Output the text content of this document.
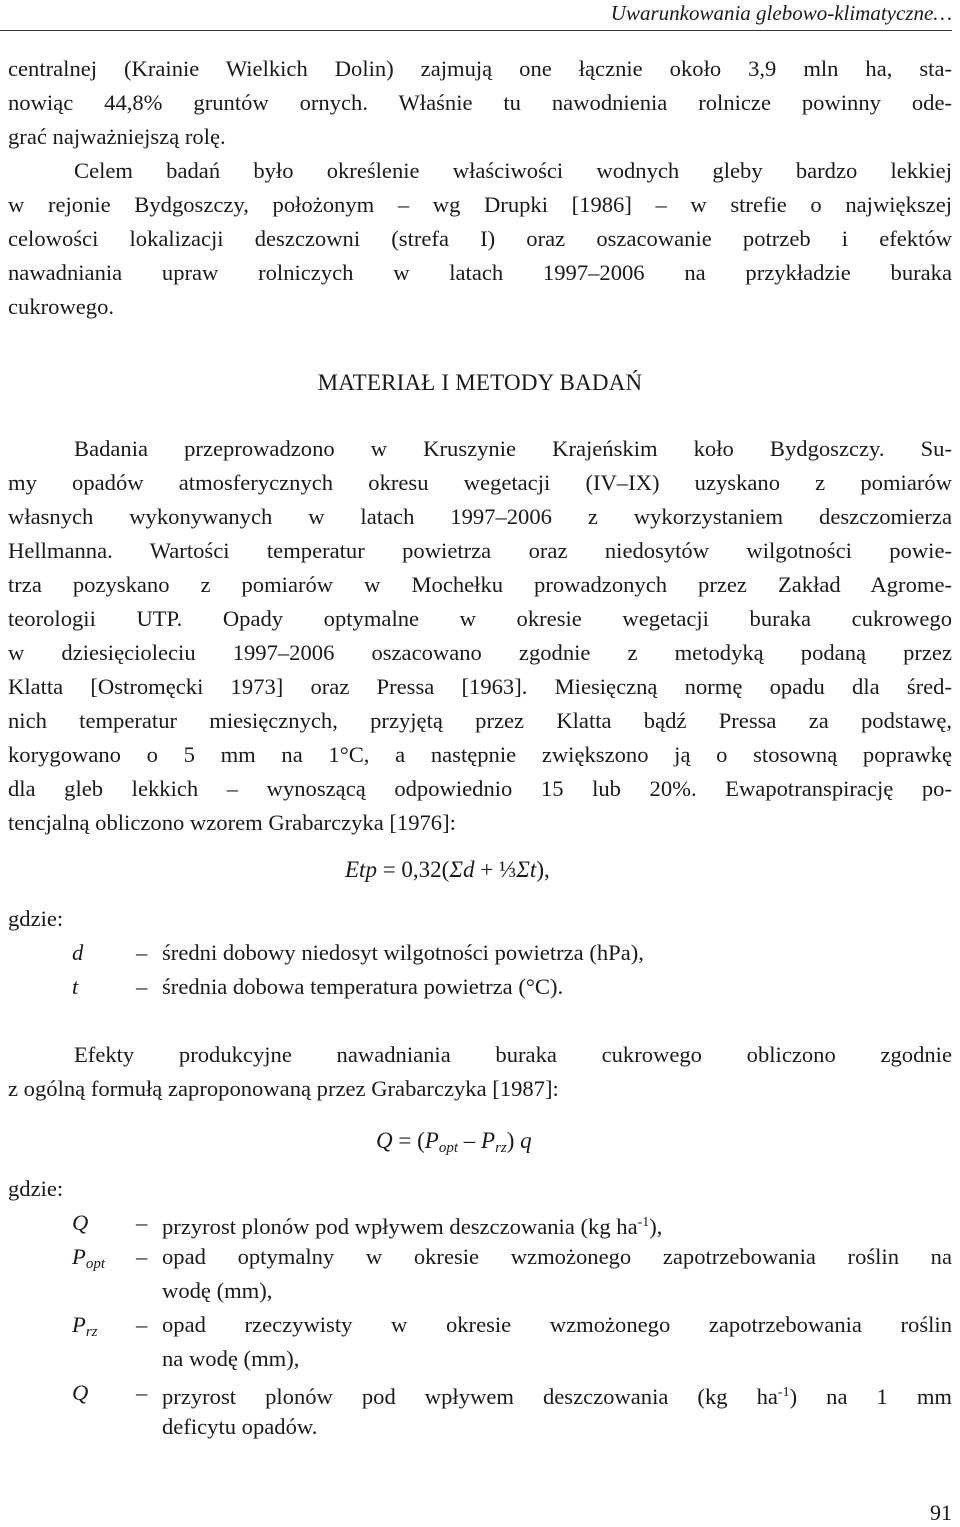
Uwarunkowania glebowo-klimatyczne…
centralnej (Krainie Wielkich Dolin) zajmują one łącznie około 3,9 mln ha, sta-
nowiąc 44,8% gruntów ornych. Właśnie tu nawodnienia rolnicze powinny ode-
grać najważniejszą rolę.
Celem badań było określenie właściwości wodnych gleby bardzo lekkiej
w rejonie Bydgoszczy, położonym – wg Drupki [1986] – w strefie o największej
celowości lokalizacji deszczowni (strefa I) oraz oszacowanie potrzeb i efektów
nawadniania upraw rolniczych w latach 1997–2006 na przykładzie buraka
cukrowego.
MATERIAŁ I METODY BADAŃ
Badania przeprowadzono w Kruszynie Krajeńskim koło Bydgoszczy. Su-
my opadów atmosferycznych okresu wegetacji (IV–IX) uzyskano z pomiarów
własnych wykonywanych w latach 1997–2006 z wykorzystaniem deszczomierza
Hellmanna. Wartości temperatur powietrza oraz niedosytów wilgotności powie-
trza pozyskano z pomiarów w Mochełku prowadzonych przez Zakład Agrome-
teorologii UTP. Opady optymalne w okresie wegetacji buraka cukrowego
w dziesięcioleciu 1997–2006 oszacowano zgodnie z metodyką podaną przez
Klatta [Ostromęcki 1973] oraz Pressa [1963]. Miesięczną normę opadu dla śred-
nich temperatur miesięcznych, przyjętą przez Klatta bądź Pressa za podstawę,
korygowano o 5 mm na 1°C, a następnie zwiększono ją o stosowną poprawkę
dla gleb lekkich – wynoszącą odpowiednio 15 lub 20%. Ewapotranspirację po-
tencjalną obliczono wzorem Grabarczyka [1976]:
Etp = 0,32(Σd + ⅓Σt),
gdzie:
d – średni dobowy niedosyt wilgotności powietrza (hPa),
t	– średnia dobowa temperatura powietrza (°C).
Efekty produkcyjne nawadniania buraka cukrowego obliczono zgodnie
z ogólną formułą zaproponowaną przez Grabarczyka [1987]:
$Q = (P_{opt} - P_{rz})$ q
gdzie:
Q – przyrost plonów pod wpływem deszczowania (kg $ha^{-1}$),
$P_{opt}$ – opad optymalny w okresie wzmożonego zapotrzebowania roślin na
wodę (mm),
$P_{rz}$ – opad rzeczywisty w okresie wzmożonego zapotrzebowania roślin
na wodę (mm),
Q – przyrost plonów pod wpływem deszczowania (kg $ha^{-1}$) na 1 mm
deficytu opadów.
91
